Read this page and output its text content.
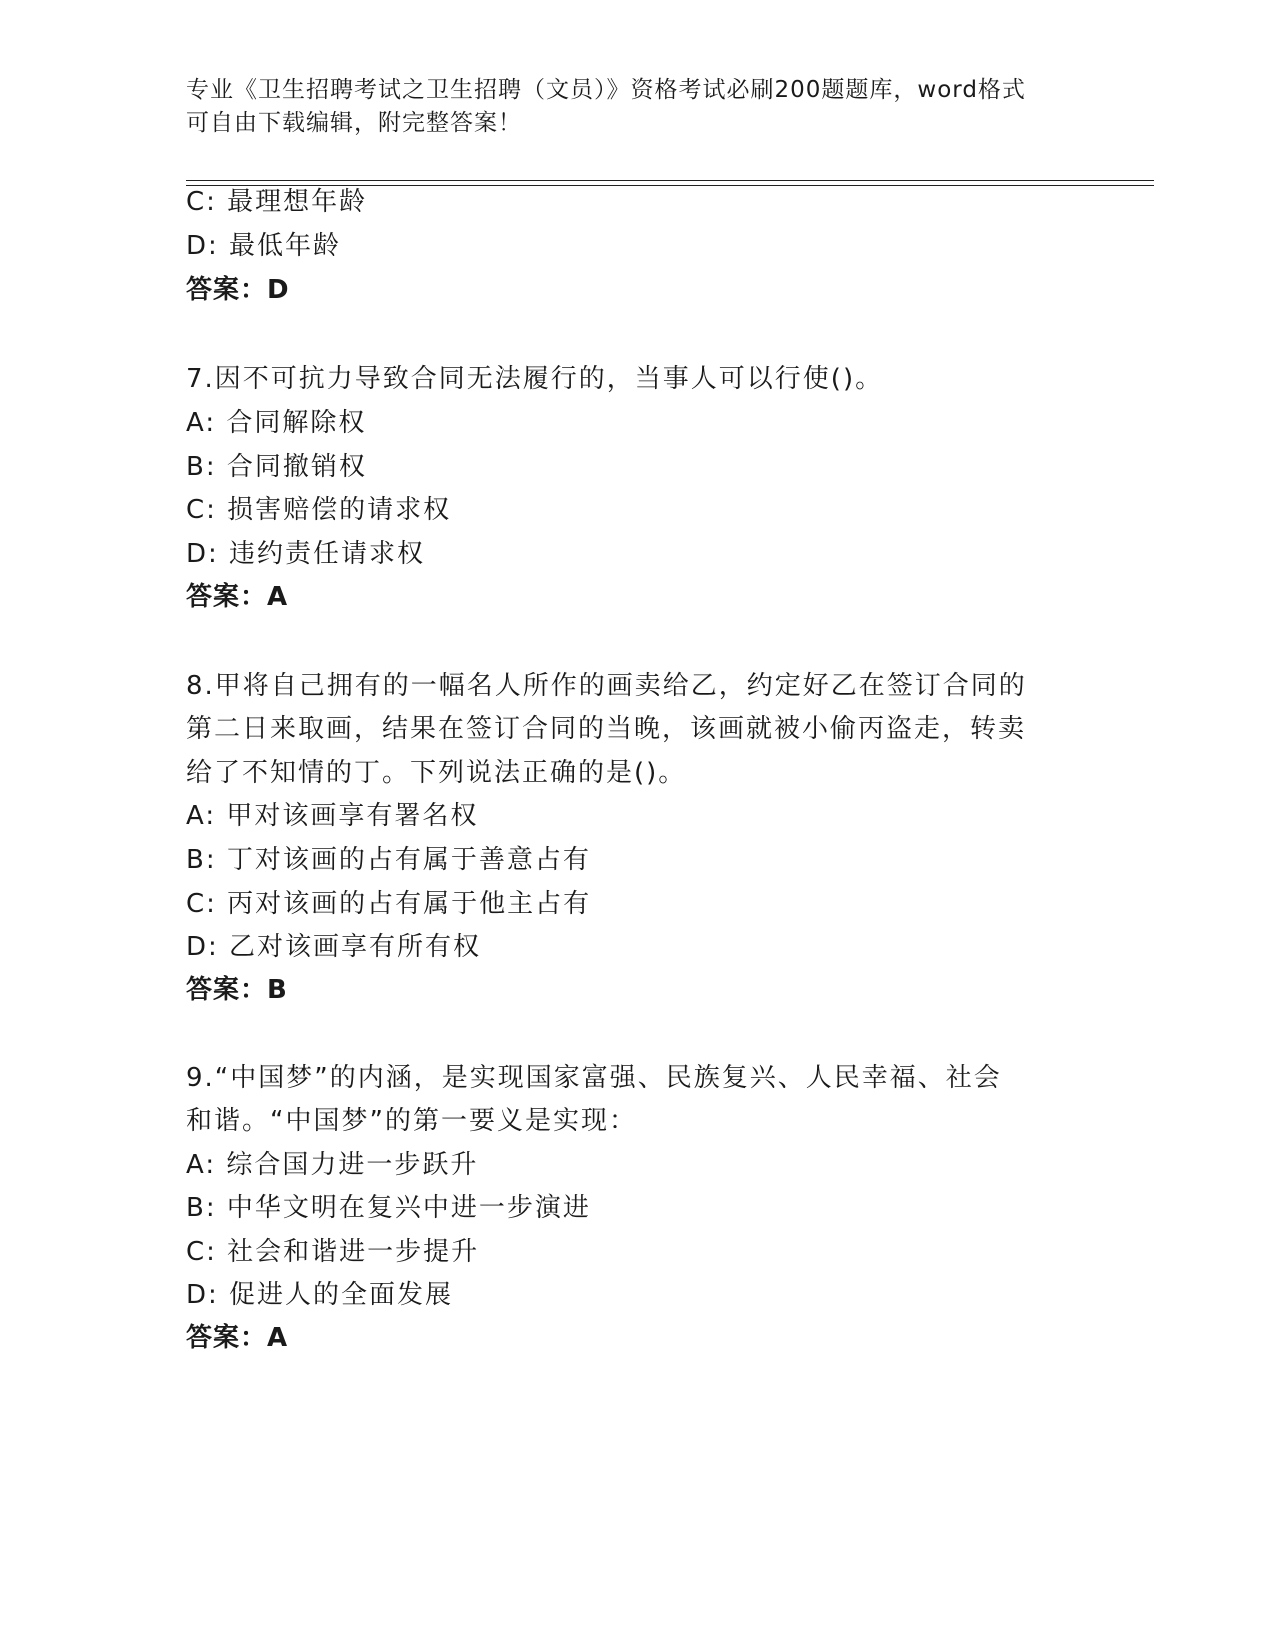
专业《卫生招聘考试之卫生招聘（文员）》资格考试必刷200题题库，word格式
可自由下载编辑，附完整答案！
C: 最理想年龄
D: 最低年龄
答案：D
7.因不可抗力导致合同无法履行的，当事人可以行使()。
A: 合同解除权
B: 合同撤销权
C: 损害赔偿的请求权
D: 违约责任请求权
答案：A
8.甲将自己拥有的一幅名人所作的画卖给乙，约定好乙在签订合同的
第二日来取画，结果在签订合同的当晚，该画就被小偷丙盗走，转卖
给了不知情的丁。下列说法正确的是()。
A: 甲对该画享有署名权
B: 丁对该画的占有属于善意占有
C: 丙对该画的占有属于他主占有
D: 乙对该画享有所有权
答案：B
9.“中国梦”的内涵，是实现国家富强、民族复兴、人民幸福、社会
和谐。“中国梦”的第一要义是实现：
A: 综合国力进一步跃升
B: 中华文明在复兴中进一步演进
C: 社会和谐进一步提升
D: 促进人的全面发展
答案：A
